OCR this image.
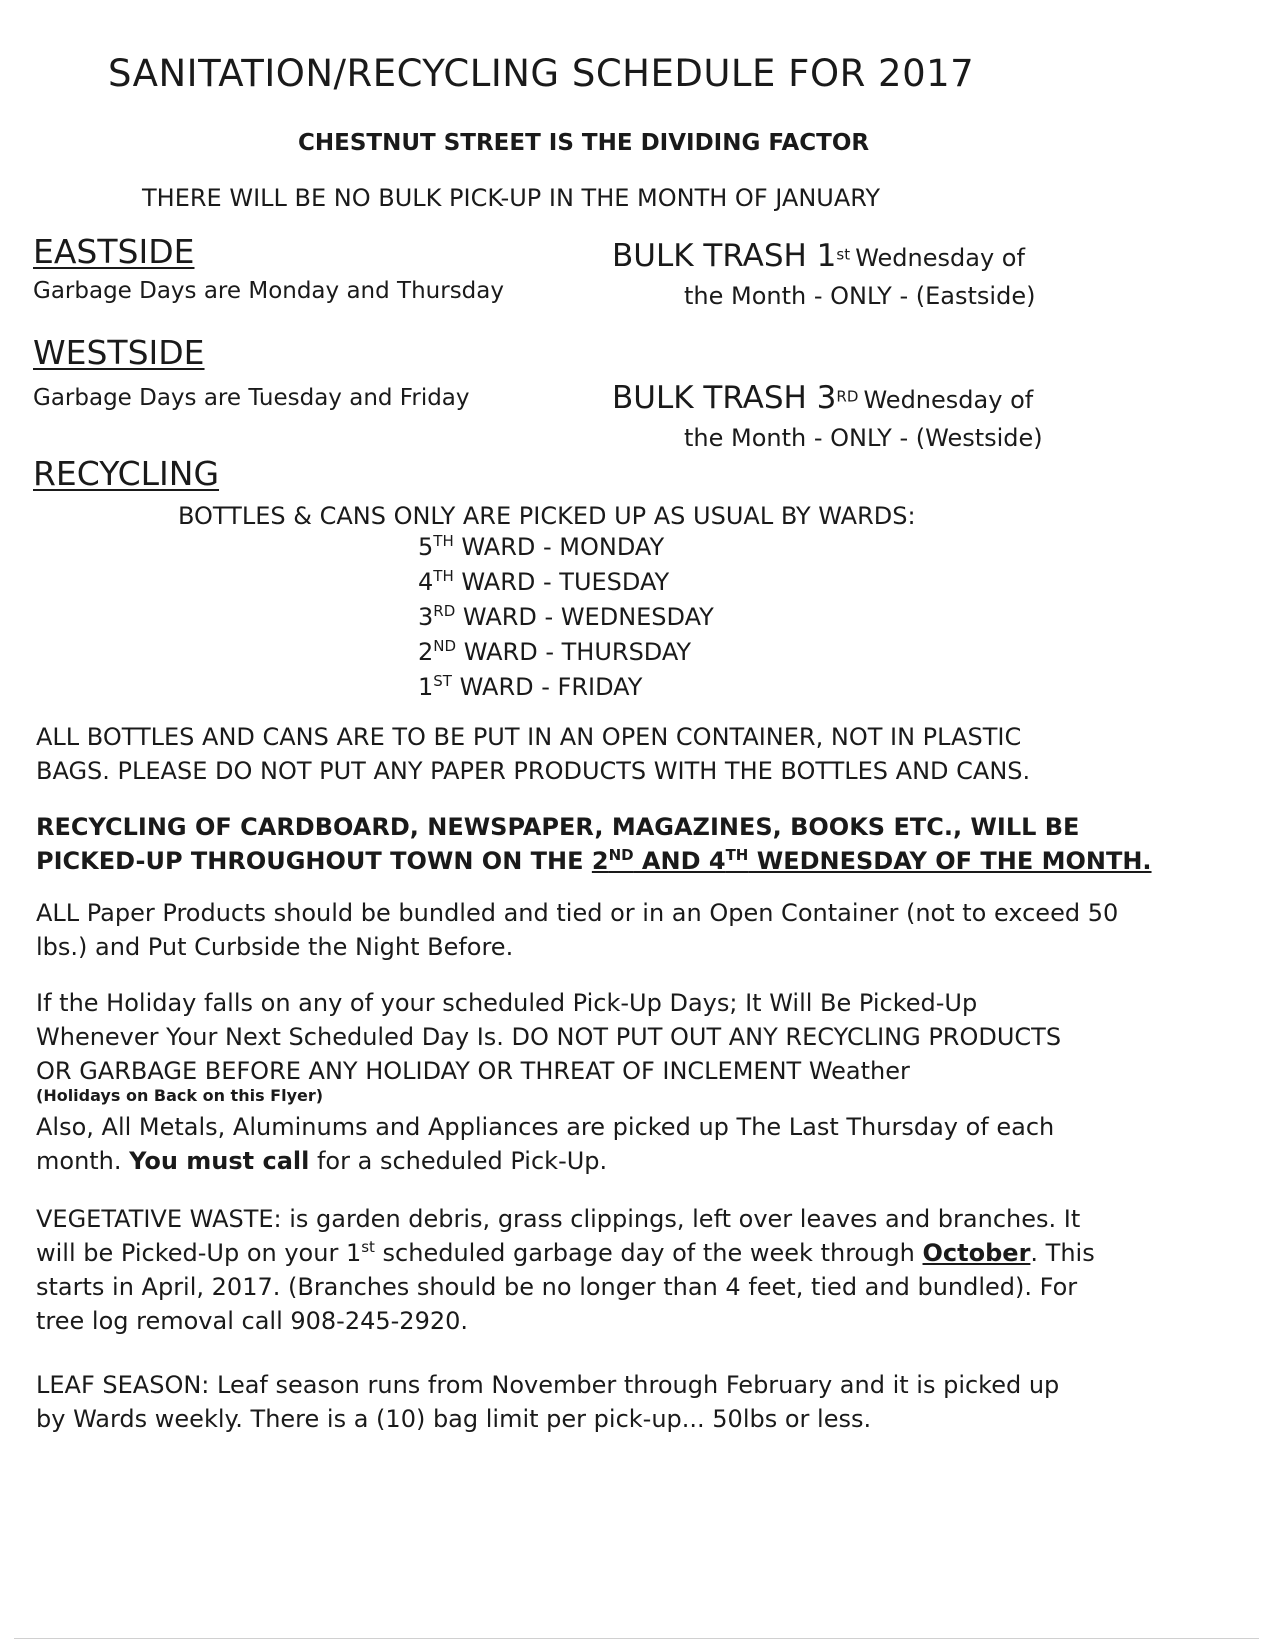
SANITATION/RECYCLING SCHEDULE FOR 2017
CHESTNUT STREET IS THE DIVIDING FACTOR
THERE WILL BE NO BULK PICK-UP IN THE MONTH OF JANUARY
EASTSIDE
Garbage Days are Monday and Thursday
BULK TRASH 1st Wednesday of
the Month - ONLY - (Eastside)
WESTSIDE
Garbage Days are Tuesday and Friday	BULK TRASH 3RD Wednesday of
the Month - ONLY - (Westside)
RECYCLING
BOTTLES & CANS ONLY ARE PICKED UP AS USUAL BY WARDS:
5TH WARD - MONDAY
4TH WARD - TUESDAY
3RD WARD - WEDNESDAY
2ND WARD - THURSDAY
1ST WARD - FRIDAY
ALL BOTTLES AND CANS ARE TO BE PUT IN AN OPEN CONTAINER, NOT IN PLASTIC BAGS. PLEASE DO NOT PUT ANY PAPER PRODUCTS WITH THE BOTTLES AND CANS.
RECYCLING OF CARDBOARD, NEWSPAPER, MAGAZINES, BOOKS ETC., WILL BE
PICKED-UP THROUGHOUT TOWN ON THE 2ND AND 4TH WEDNESDAY OF THE MONTH.
ALL Paper Products should be bundled and tied or in an Open Container (not to exceed 50 lbs.) and Put Curbside the Night Before.
If the Holiday falls on any of your scheduled Pick-Up Days; It Will Be Picked-Up Whenever Your Next Scheduled Day Is. DO NOT PUT OUT ANY RECYCLING PRODUCTS OR GARBAGE BEFORE ANY HOLIDAY OR THREAT OF INCLEMENT Weather
(Holidays on Back on this Flyer)
Also, All Metals, Aluminums and Appliances are picked up The Last Thursday of each month. You must call for a scheduled Pick-Up.
VEGETATIVE WASTE: is garden debris, grass clippings, left over leaves and branches. It will be Picked-Up on your 1st scheduled garbage day of the week through October. This starts in April, 2017. (Branches should be no longer than 4 feet, tied and bundled). For tree log removal call 908-245-2920.
LEAF SEASON: Leaf season runs from November through February and it is picked up by Wards weekly. There is a (10) bag limit per pick-up... 50lbs or less.
